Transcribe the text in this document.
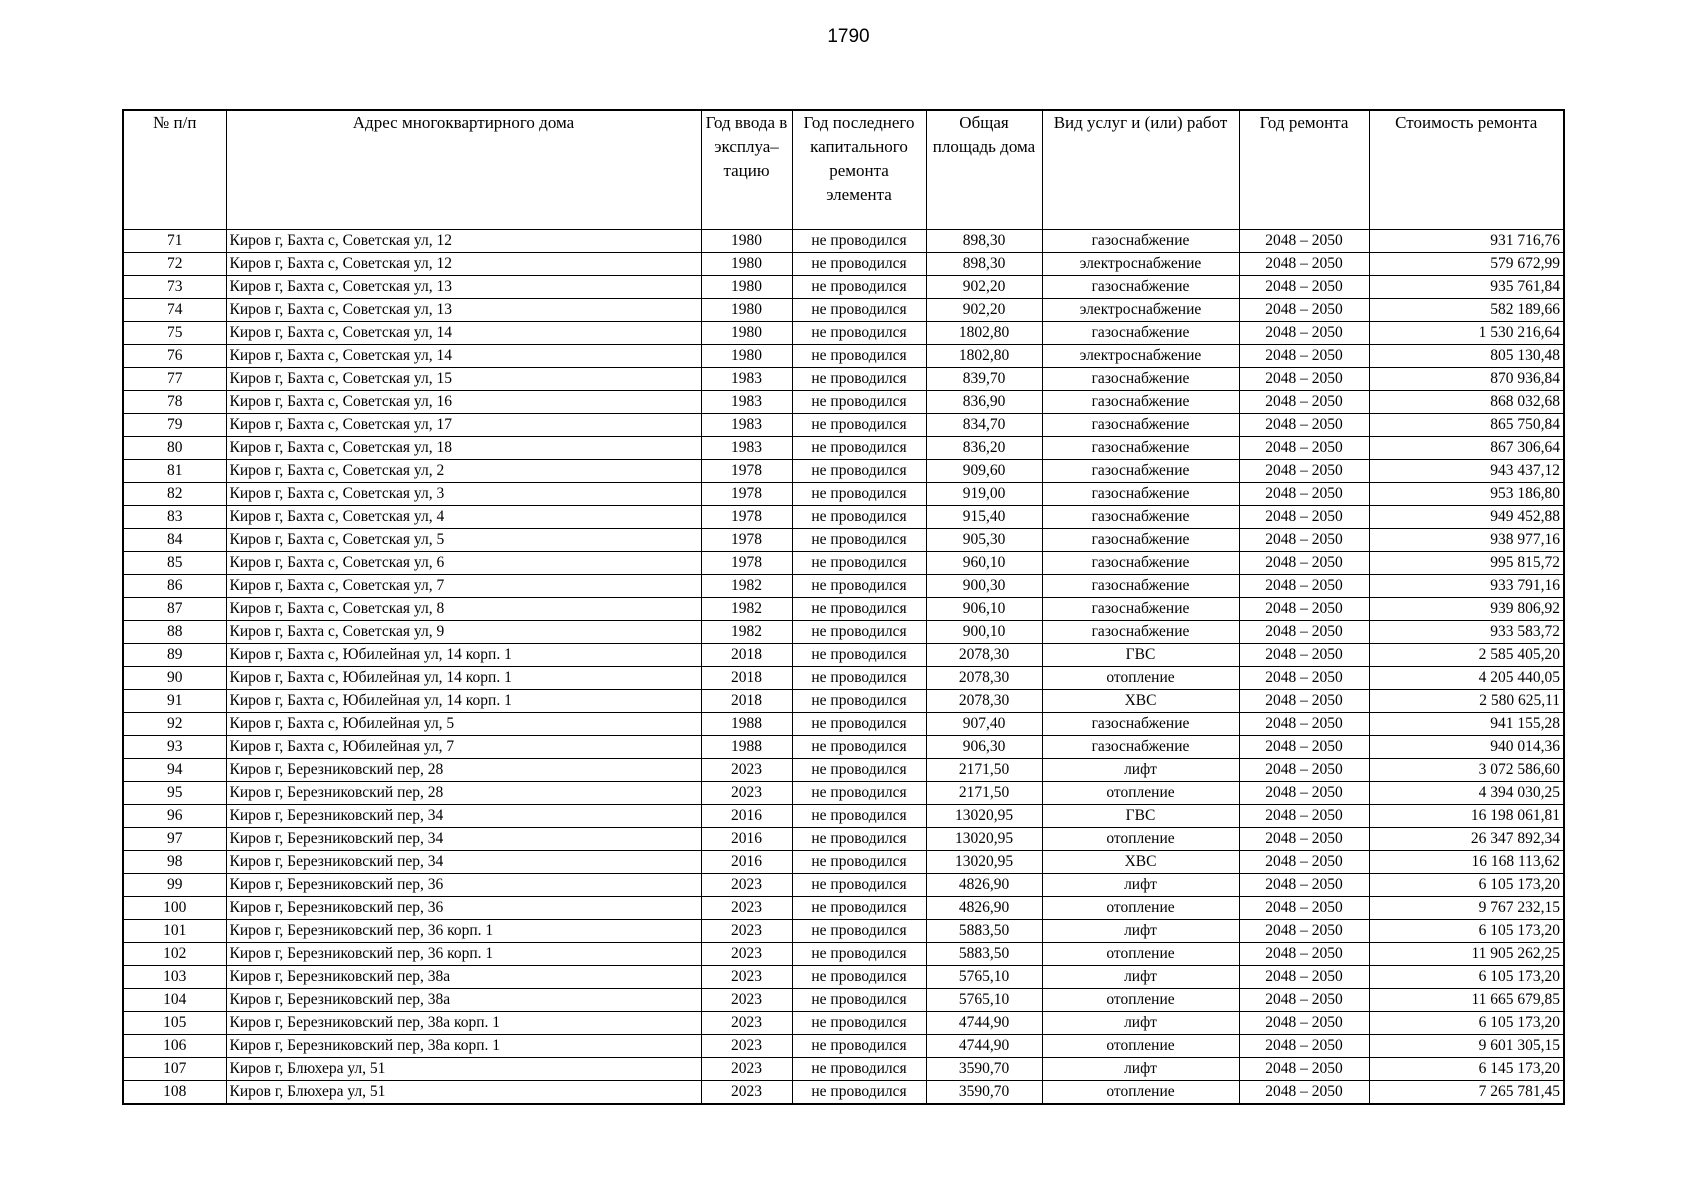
1790
№ п/п	Адрес многоквартирного дома	Год ввода в эксплуа–тацию	Год последнего капитального ремонта элемента	Общая площадь дома	Вид услуг и (или) работ	Год ремонта	Стоимость ремонта
71	Киров г, Бахта с, Советская ул, 12	1980	не проводился	898,30	газоснабжение	2048 – 2050	931 716,76
72	Киров г, Бахта с, Советская ул, 12	1980	не проводился	898,30	электроснабжение	2048 – 2050	579 672,99
73	Киров г, Бахта с, Советская ул, 13	1980	не проводился	902,20	газоснабжение	2048 – 2050	935 761,84
74	Киров г, Бахта с, Советская ул, 13	1980	не проводился	902,20	электроснабжение	2048 – 2050	582 189,66
75	Киров г, Бахта с, Советская ул, 14	1980	не проводился	1802,80	газоснабжение	2048 – 2050	1 530 216,64
76	Киров г, Бахта с, Советская ул, 14	1980	не проводился	1802,80	электроснабжение	2048 – 2050	805 130,48
77	Киров г, Бахта с, Советская ул, 15	1983	не проводился	839,70	газоснабжение	2048 – 2050	870 936,84
78	Киров г, Бахта с, Советская ул, 16	1983	не проводился	836,90	газоснабжение	2048 – 2050	868 032,68
79	Киров г, Бахта с, Советская ул, 17	1983	не проводился	834,70	газоснабжение	2048 – 2050	865 750,84
80	Киров г, Бахта с, Советская ул, 18	1983	не проводился	836,20	газоснабжение	2048 – 2050	867 306,64
81	Киров г, Бахта с, Советская ул, 2	1978	не проводился	909,60	газоснабжение	2048 – 2050	943 437,12
82	Киров г, Бахта с, Советская ул, 3	1978	не проводился	919,00	газоснабжение	2048 – 2050	953 186,80
83	Киров г, Бахта с, Советская ул, 4	1978	не проводился	915,40	газоснабжение	2048 – 2050	949 452,88
84	Киров г, Бахта с, Советская ул, 5	1978	не проводился	905,30	газоснабжение	2048 – 2050	938 977,16
85	Киров г, Бахта с, Советская ул, 6	1978	не проводился	960,10	газоснабжение	2048 – 2050	995 815,72
86	Киров г, Бахта с, Советская ул, 7	1982	не проводился	900,30	газоснабжение	2048 – 2050	933 791,16
87	Киров г, Бахта с, Советская ул, 8	1982	не проводился	906,10	газоснабжение	2048 – 2050	939 806,92
88	Киров г, Бахта с, Советская ул, 9	1982	не проводился	900,10	газоснабжение	2048 – 2050	933 583,72
89	Киров г, Бахта с, Юбилейная ул, 14 корп. 1	2018	не проводился	2078,30	ГВС	2048 – 2050	2 585 405,20
90	Киров г, Бахта с, Юбилейная ул, 14 корп. 1	2018	не проводился	2078,30	отопление	2048 – 2050	4 205 440,05
91	Киров г, Бахта с, Юбилейная ул, 14 корп. 1	2018	не проводился	2078,30	ХВС	2048 – 2050	2 580 625,11
92	Киров г, Бахта с, Юбилейная ул, 5	1988	не проводился	907,40	газоснабжение	2048 – 2050	941 155,28
93	Киров г, Бахта с, Юбилейная ул, 7	1988	не проводился	906,30	газоснабжение	2048 – 2050	940 014,36
94	Киров г, Березниковский пер, 28	2023	не проводился	2171,50	лифт	2048 – 2050	3 072 586,60
95	Киров г, Березниковский пер, 28	2023	не проводился	2171,50	отопление	2048 – 2050	4 394 030,25
96	Киров г, Березниковский пер, 34	2016	не проводился	13020,95	ГВС	2048 – 2050	16 198 061,81
97	Киров г, Березниковский пер, 34	2016	не проводился	13020,95	отопление	2048 – 2050	26 347 892,34
98	Киров г, Березниковский пер, 34	2016	не проводился	13020,95	ХВС	2048 – 2050	16 168 113,62
99	Киров г, Березниковский пер, 36	2023	не проводился	4826,90	лифт	2048 – 2050	6 105 173,20
100	Киров г, Березниковский пер, 36	2023	не проводился	4826,90	отопление	2048 – 2050	9 767 232,15
101	Киров г, Березниковский пер, 36 корп. 1	2023	не проводился	5883,50	лифт	2048 – 2050	6 105 173,20
102	Киров г, Березниковский пер, 36 корп. 1	2023	не проводился	5883,50	отопление	2048 – 2050	11 905 262,25
103	Киров г, Березниковский пер, 38а	2023	не проводился	5765,10	лифт	2048 – 2050	6 105 173,20
104	Киров г, Березниковский пер, 38а	2023	не проводился	5765,10	отопление	2048 – 2050	11 665 679,85
105	Киров г, Березниковский пер, 38а корп. 1	2023	не проводился	4744,90	лифт	2048 – 2050	6 105 173,20
106	Киров г, Березниковский пер, 38а корп. 1	2023	не проводился	4744,90	отопление	2048 – 2050	9 601 305,15
107	Киров г, Блюхера ул, 51	2023	не проводился	3590,70	лифт	2048 – 2050	6 145 173,20
108	Киров г, Блюхера ул, 51	2023	не проводился	3590,70	отопление	2048 – 2050	7 265 781,45
